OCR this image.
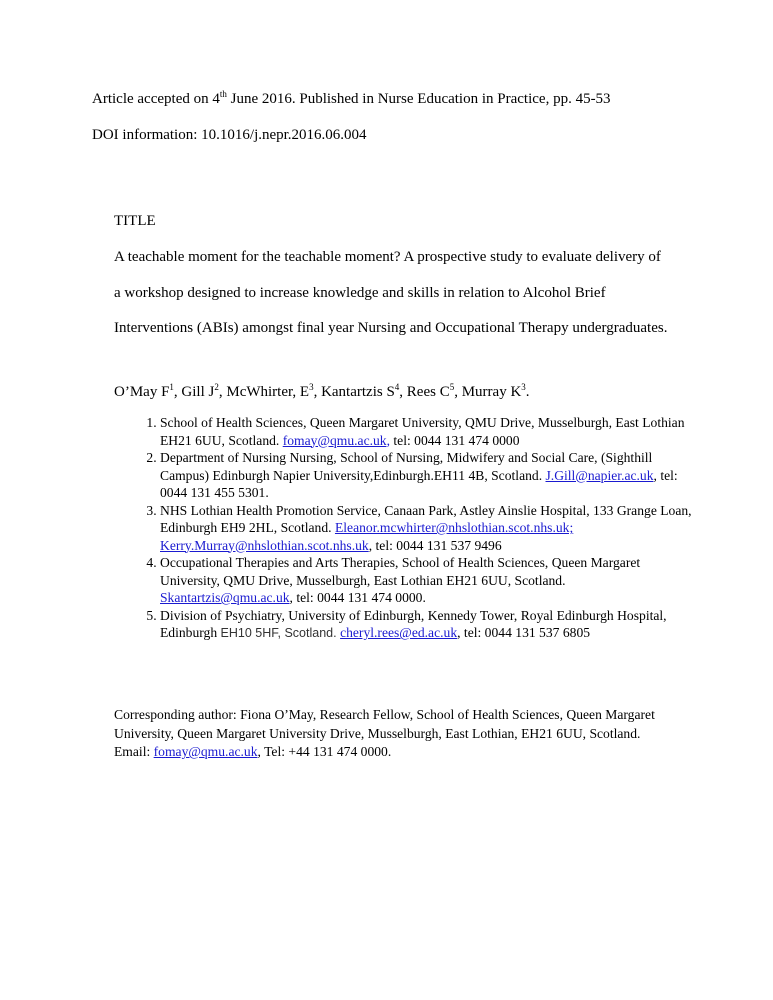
Article accepted on 4th June 2016. Published in Nurse Education in Practice, pp. 45-53
DOI information: 10.1016/j.nepr.2016.06.004
TITLE
A teachable moment for the teachable moment? A prospective study to evaluate delivery of
a workshop designed to increase knowledge and skills in relation to Alcohol Brief
Interventions (ABIs) amongst final year Nursing and Occupational Therapy undergraduates.
O’May $F^1$, Gill $J^2$, McWhirter, $E^3$, Kantartzis $S^4$, Rees $C^5$, Murray $K^3$.
1. School of Health Sciences, Queen Margaret University, QMU Drive, Musselburgh, East Lothian EH21 6UU, Scotland. fomay@qmu.ac.uk, tel: 0044 131 474 0000
2. Department of Nursing Nursing, School of Nursing, Midwifery and Social Care, (Sighthill Campus) Edinburgh Napier University,Edinburgh.EH11 4B, Scotland. J.Gill@napier.ac.uk, tel: 0044 131 455 5301.
3. NHS Lothian Health Promotion Service, Canaan Park, Astley Ainslie Hospital, 133 Grange Loan, Edinburgh EH9 2HL, Scotland. Eleanor.mcwhirter@nhslothian.scot.nhs.uk; Kerry.Murray@nhslothian.scot.nhs.uk, tel: 0044 131 537 9496
4. Occupational Therapies and Arts Therapies, School of Health Sciences, Queen Margaret University, QMU Drive, Musselburgh, East Lothian EH21 6UU, Scotland. Skantartzis@qmu.ac.uk, tel: 0044 131 474 0000.
5. Division of Psychiatry, University of Edinburgh, Kennedy Tower, Royal Edinburgh Hospital, Edinburgh EH10 5HF, Scotland. cheryl.rees@ed.ac.uk, tel: 0044 131 537 6805
Corresponding author: Fiona O’May, Research Fellow, School of Health Sciences, Queen Margaret University, Queen Margaret University Drive, Musselburgh, East Lothian, EH21 6UU, Scotland. Email: fomay@qmu.ac.uk, Tel: +44 131 474 0000.
